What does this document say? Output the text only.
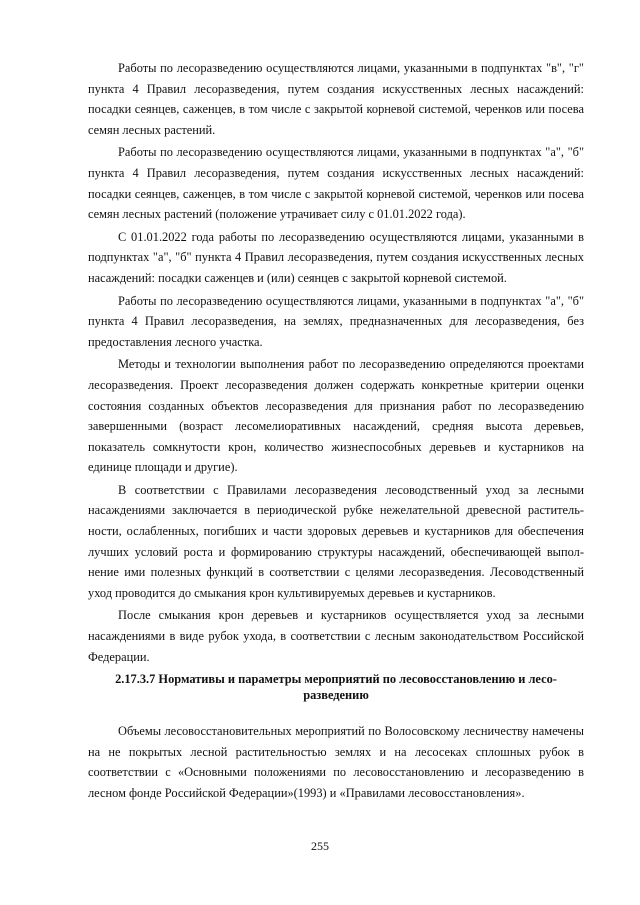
Работы по лесоразведению осуществляются лицами, указанными в подпунктах "в", "г" пункта 4 Правил лесоразведения, путем создания искусственных лесных насаждений: посадки сеянцев, саженцев, в том числе с закрытой корневой системой, черенков или посева семян лесных растений.

Работы по лесоразведению осуществляются лицами, указанными в подпунктах "а", "б" пункта 4 Правил лесоразведения, путем создания искусственных лесных насаждений: посадки сеянцев, саженцев, в том числе с закрытой корневой системой, черенков или посева семян лесных растений (положение утрачивает силу с 01.01.2022 года).

С 01.01.2022 года работы по лесоразведению осуществляются лицами, указанными в подпунктах "а", "б" пункта 4 Правил лесоразведения, путем создания искусственных лесных насаждений: посадки саженцев и (или) сеянцев с закрытой корневой системой.

Работы по лесоразведению осуществляются лицами, указанными в подпунктах "а", "б" пункта 4 Правил лесоразведения, на землях, предназначенных для лесоразведения, без предоставления лесного участка.

Методы и технологии выполнения работ по лесоразведению определяются проектами лесоразведения. Проект лесоразведения должен содержать конкретные критерии оценки состояния созданных объектов лесоразведения для признания работ по лесоразведению завершенными (возраст лесомелиоративных насаждений, средняя высота деревьев, показатель сомкнутости крон, количество жизнеспособных деревьев и кустарников на единице площади и другие).

В соответствии с Правилами лесоразведения лесоводственный уход за лесными насаждениями заключается в периодической рубке нежелательной древесной растительности, ослабленных, погибших и части здоровых деревьев и кустарников для обеспечения лучших условий роста и формированию структуры насаждений, обеспечивающей выполнение ими полезных функций в соответствии с целями лесоразведения. Лесоводственный уход проводится до смыкания крон культивируемых деревьев и кустарников.

После смыкания крон деревьев и кустарников осуществляется уход за лесными насаждениями в виде рубок ухода, в соответствии с лесным законодательством Российской Федерации.

2.17.3.7 Нормативы и параметры мероприятий по лесовосстановлению и лесоразведению

Объемы лесовосстановительных мероприятий по Волосовскому лесничеству намечены на не покрытых лесной растительностью землях и на лесосеках сплошных рубок в соответствии с «Основными положениями по лесовосстановлению и лесоразведению в лесном фонде Российской Федерации»(1993) и «Правилами лесовосстановления».

255
